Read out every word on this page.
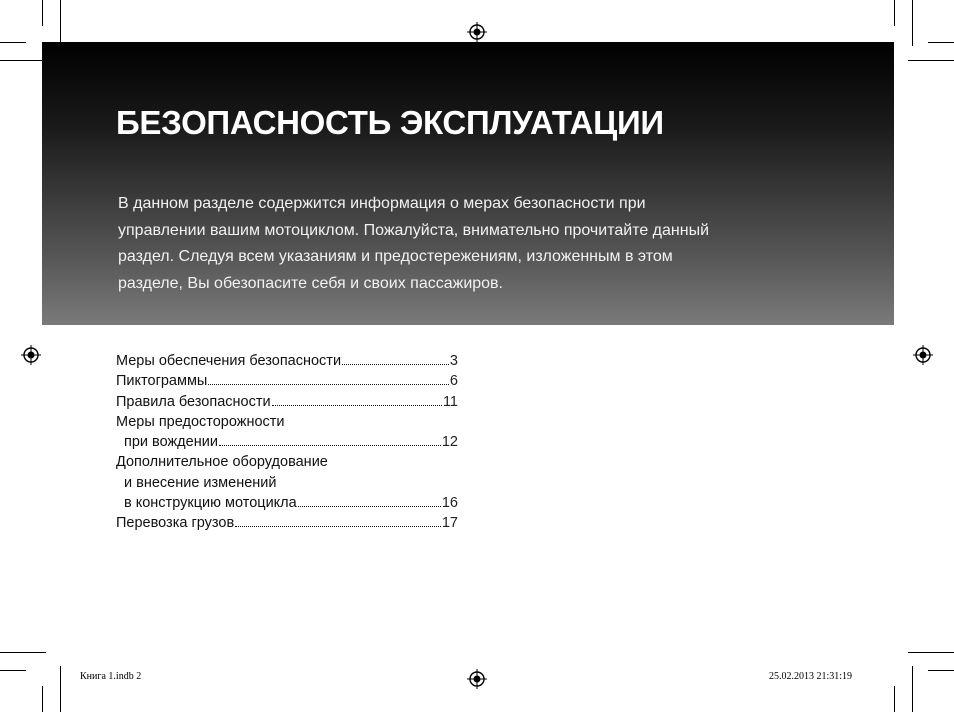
БЕЗОПАСНОСТЬ ЭКСПЛУАТАЦИИ
В данном разделе содержится информация о мерах безопасности при
управлении вашим мотоциклом. Пожалуйста, внимательно прочитайте данный
раздел. Следуя всем указаниям и предостережениям, изложенным в этом
разделе, Вы обезопасите себя и своих пассажиров.
Меры обеспечения безопасности	3
Пиктограммы	6
Правила безопасности	11
Меры предосторожности
при вождении	12
Дополнительное оборудование
и внесение изменений
в конструкцию мотоцикла	16
Перевозка грузов	17
Книга 1.indb 2	25.02.2013 21:31:19
